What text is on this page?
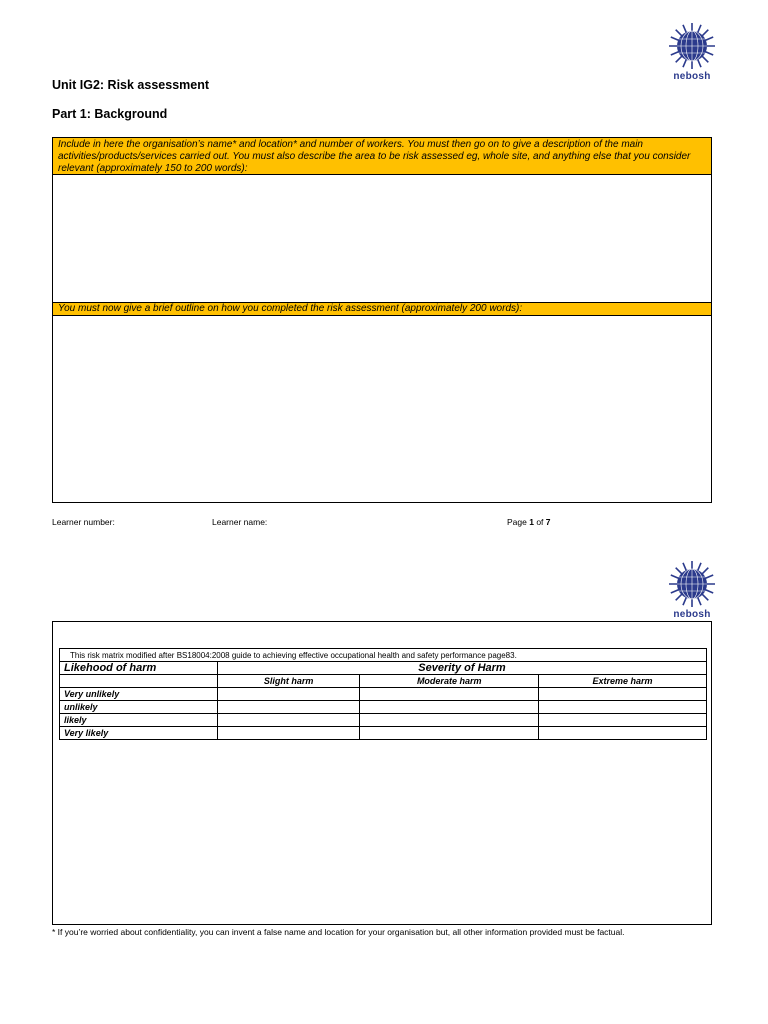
nebosh
Unit IG2: Risk assessment
Part 1: Background
Include in here the organisation’s name* and location* and number of workers. You must then go on to give a description of the main activities/products/services carried out. You must also describe the area to be risk assessed eg, whole site, and anything else that you consider relevant (approximately 150 to 200 words):
You must now give a brief outline on how you completed the risk assessment (approximately 200 words):
Learner number:	Learner name:	Page 1 of 7
nebosh
This risk matrix modified after BS18004:2008 guide to achieving effective occupational health and safety performance page83.			
Likehood of harm	Severity of Harm		
	Slight harm	Moderate harm	Extreme harm
Very unlikely			
unlikely			
likely			
Very likely			
* If you’re worried about confidentiality, you can invent a false name and location for your organisation but, all other information provided must be factual.
